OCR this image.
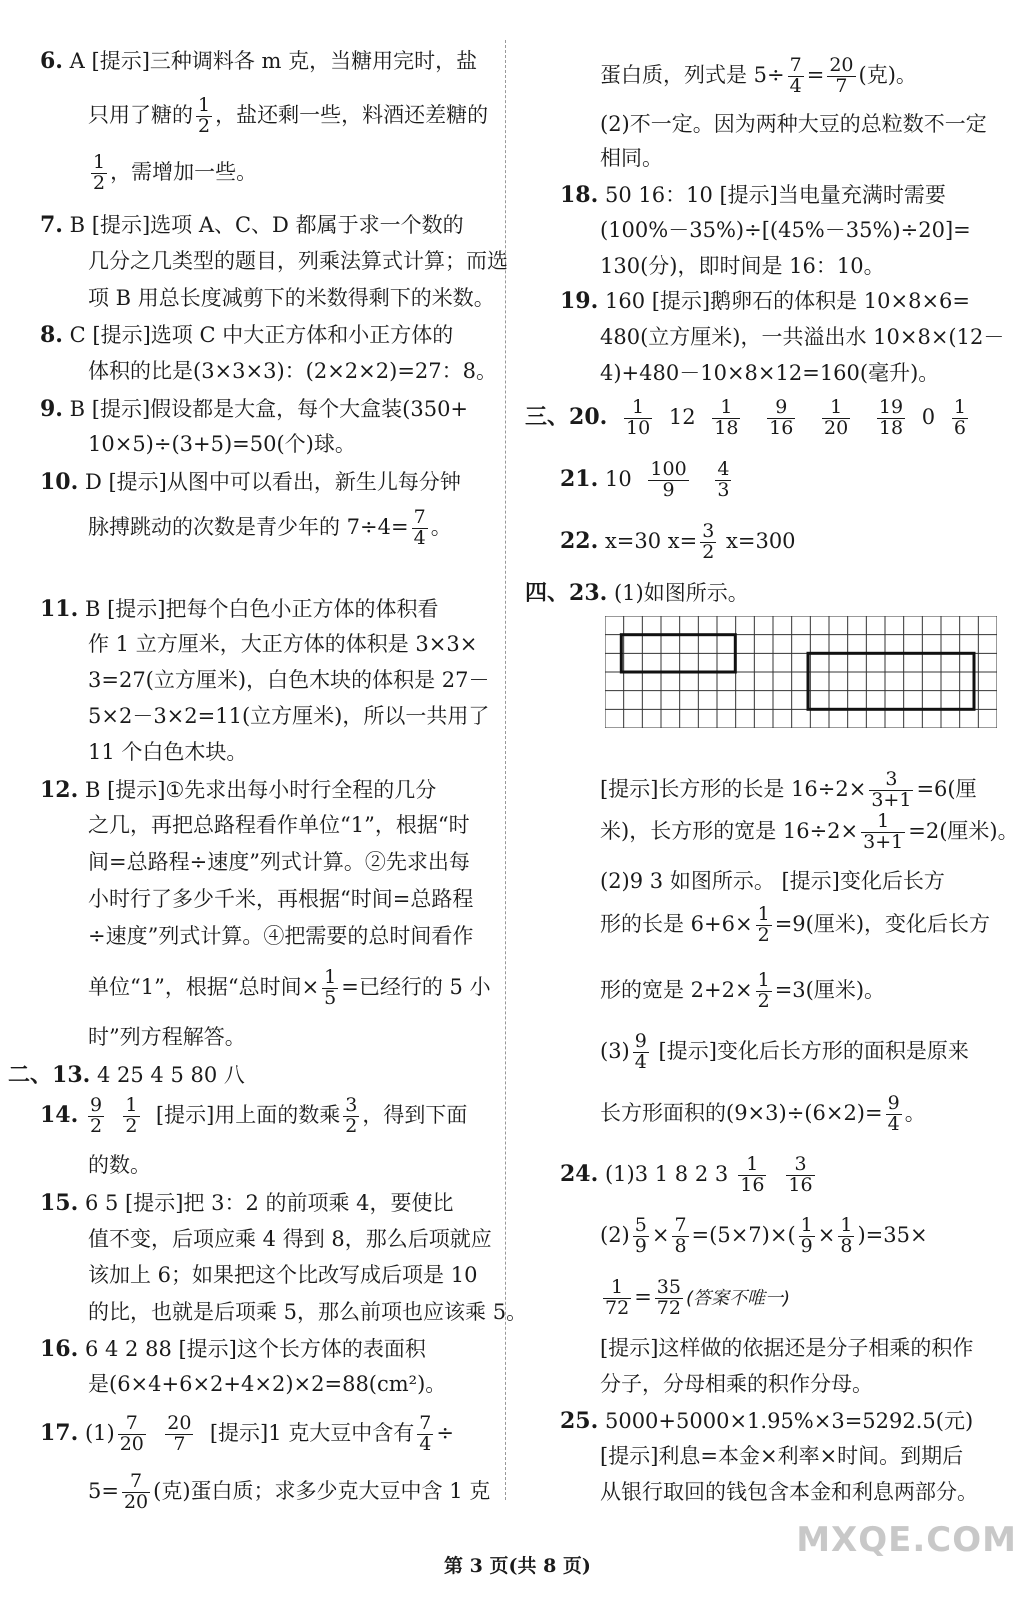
6. A [提示]三种调料各 m 克，当糖用完时，盐
只用了糖的 $\frac{1}{2}$ ，盐还剩一些，料酒还差糖的
$\frac{1}{2}$ ，需增加一些。
7. B [提示]选项 A、C、D 都属于求一个数的
几分之几类型的题目，列乘法算式计算；而选
项 B 用总长度减剪下的米数得剩下的米数。
8. C [提示]选项 C 中大正方体和小正方体的
体积的比是(3×3×3)：(2×2×2)=27：8。
9. B [提示]假设都是大盒，每个大盒装(350+
10×5)÷(3+5)=50(个)球。
10. D [提示]从图中可以看出，新生儿每分钟
脉搏跳动的次数是青少年的 $7\div 4= \frac{7}{4}$ 。
11. B [提示]把每个白色小正方体的体积看
作 1 立方厘米，大正方体的体积是 3×3×
3=27(立方厘米)，白色木块的体积是 27－
5×2－3×2=11(立方厘米)，所以一共用了
11 个白色木块。
12. B [提示]①先求出每小时行全程的几分
之几，再把总路程看作单位“1”，根据“时
间=总路程÷速度”列式计算。②先求出每
小时行了多少千米，再根据“时间=总路程
÷速度”列式计算。④把需要的总时间看作
单位“1”，根据“总时间× $\frac{1}{5}$ =已经行的 5 小
时”列方程解答。
二、13. 4 25 4 5 80 八
14. $\frac{9}{2}$
$\frac{1}{2}$ [提示]用上面的数乘 $\frac{3}{2}$ ，得到下面
的数。
15. 6 5 [提示]把 3：2 的前项乘 4，要使比
值不变，后项应乘 4 得到 8，那么后项就应
该加上 6；如果把这个比改写成后项是 10
的比，也就是后项乘 5，那么前项也应该乘 5。
16. 6 4 2 88 [提示]这个长方体的表面积
是(6×4+6×2+4×2)×2=88(cm²)。
17. $(1) \frac{7}{20}$
$\frac{20}{7}$ [提示]1 克大豆中含有 $\frac{7}{4}$ ÷
$5= \frac{7}{20}$ (克)蛋白质；求多少克大豆中含 1 克
蛋白质，列式是 $5\div \frac{7}{4} = \frac{20}{7}$ (克)。
(2)不一定。因为两种大豆的总粒数不一定
相同。
18. 50 16：10 [提示]当电量充满时需要
(100%－35%)÷[(45%－35%)÷20]=
130(分)，即时间是 16：10。
19. 160 [提示]鹅卵石的体积是 10×8×6=
480(立方厘米)，一共溢出水 10×8×(12－
4)+480－10×8×12=160(毫升)。
三、20. $\frac{1}{10} 12 \frac{1}{18}$
$\frac{9}{16}$
$\frac{1}{20}$
$\frac{19}{18} 0 \frac{1}{6}$
21. $10 \frac{100}{9}$
$\frac{4}{3}$
22. x=30 $x= \frac{3}{2} x=300$
四、23. (1)如图所示。
[提示]长方形的长是 $16\div 2\times \frac{3}{3+1} =6$(厘
米)，长方形的宽是 $16\div 2\times \frac{1}{3+1} =2$(厘米)。
(2)9 3 如图所示。 [提示]变化后长方
形的长是 $6+6\times \frac{1}{2} =9$(厘米)，变化后长方
形的宽是 $2+2\times \frac{1}{2} =3$(厘米)。
$(3) \frac{9}{4}$ [提示]变化后长方形的面积是原来
长方形面积的$(9\times 3)\div(6\times 2)= \frac{9}{4}$ 。
24. (1)3 1 8 2 $3 \frac{1}{16} \frac{3}{16}$
$(2) \frac{5}{9} \times \frac{7}{8} =(5\times 7)\times( \frac{1}{9} \times \frac{1}{8} )=35\times$
$\frac{1}{72} = \frac{35}{72}$ (答案不唯一)
[提示]这样做的依据还是分子相乘的积作
分子，分母相乘的积作分母。
25. 5000+5000×1.95%×3=5292.5(元)
[提示]利息=本金×利率×时间。到期后
从银行取回的钱包含本金和利息两部分。
第 3 页(共 8 页)
MXQE.COM
